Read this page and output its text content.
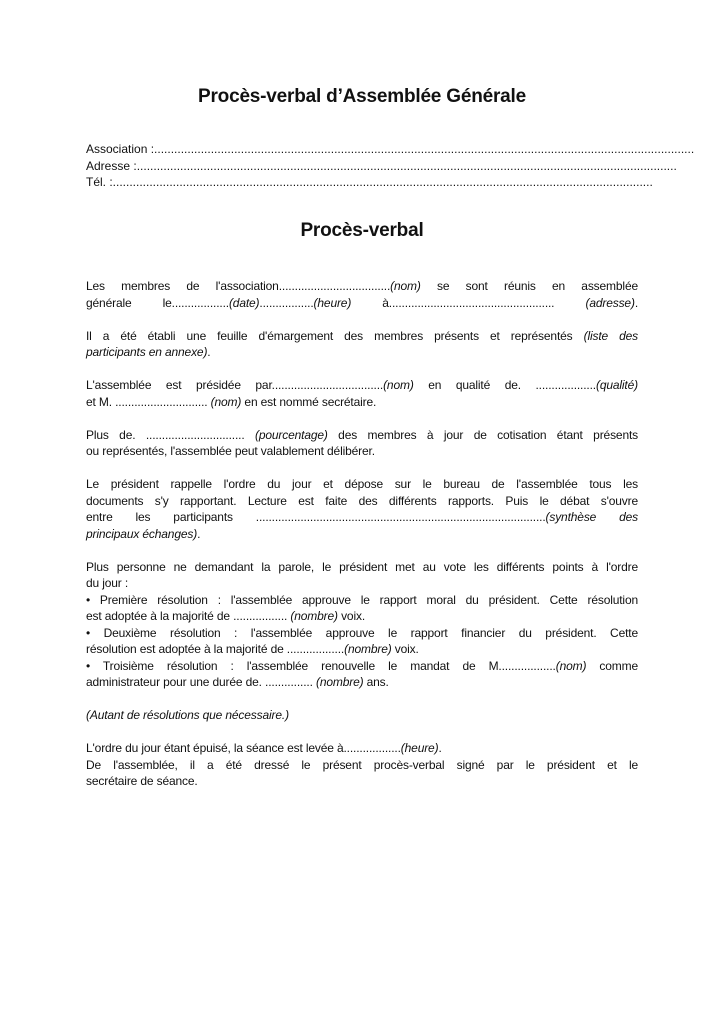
Procès-verbal d’Assemblée Générale
Association : ..................................................................................................................................................................
Adresse : ..................................................................................................................................................................
Tél. : ..................................................................................................................................................................
Procès-verbal

Les membres de l'association...................................(nom) se sont réunis en assemblée
générale le..................(date).................(heure) à.................................................... (adresse).

Il a été établi une feuille d'émargement des membres présents et représentés (liste des
participants en annexe).

L'assemblée est présidée par...................................(nom) en qualité de. ...................(qualité)
et M. ............................. (nom) en est nommé secrétaire.

Plus de. ............................... (pourcentage) des membres à jour de cotisation étant présents
ou représentés, l'assemblée peut valablement délibérer.

Le président rappelle l'ordre du jour et dépose sur le bureau de l'assemblée tous les
documents s'y rapportant. Lecture est faite des différents rapports. Puis le débat s'ouvre
entre les participants ...........................................................................................(synthèse des
principaux échanges).

Plus personne ne demandant la parole, le président met au vote les différents points à l'ordre
du jour :
• Première résolution : l'assemblée approuve le rapport moral du président. Cette résolution
est adoptée à la majorité de ................. (nombre) voix.
• Deuxième résolution : l'assemblée approuve le rapport financier du président. Cette
résolution est adoptée à la majorité de ..................(nombre) voix.
• Troisième résolution : l'assemblée renouvelle le mandat de M..................(nom) comme
administrateur pour une durée de. ............... (nombre) ans.

(Autant de résolutions que nécessaire.)

L'ordre du jour étant épuisé, la séance est levée à..................(heure).
De l'assemblée, il a été dressé le présent procès-verbal signé par le président et le
secrétaire de séance.
